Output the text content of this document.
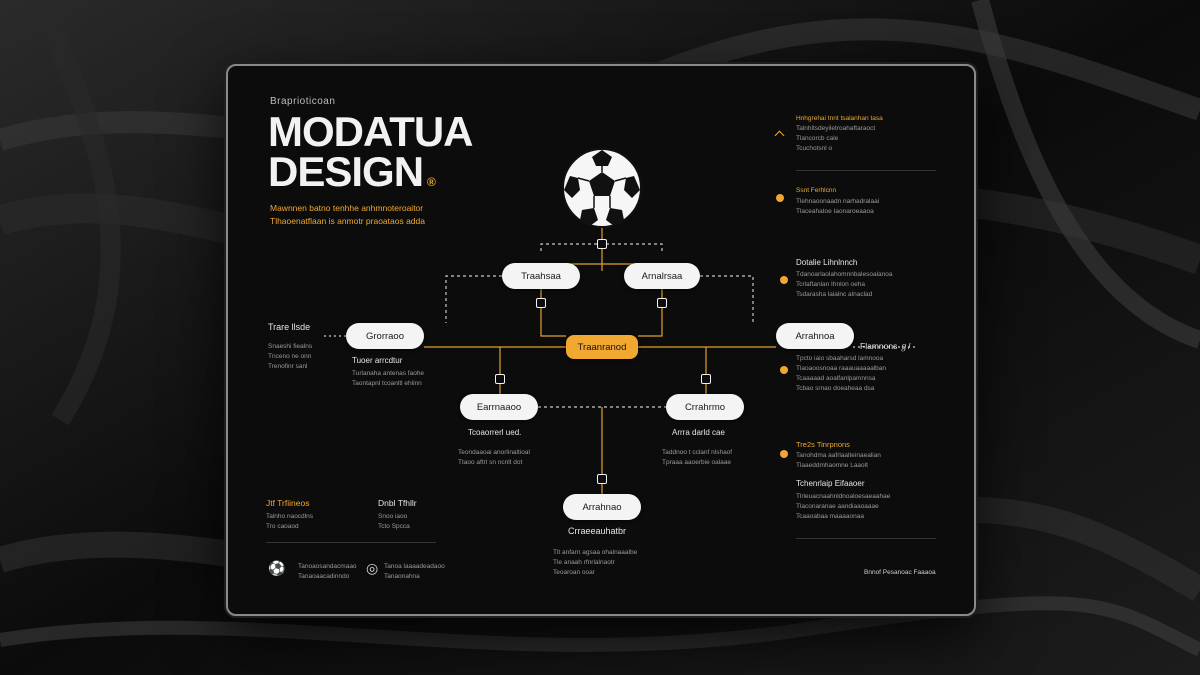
Braprioticoan
MODATUA
DESIGN ®
Mawnnen batno tenhhe anhmnoteroaitor
Tlhaoenatflaan is anmotr praoataos adda
Traahsaa	Arnalrsaa
Grorraoo
Traanranod
Arrahnoa
Earrnaaoo	Crrahrmo
Arrahnao
Trare llsde
Snaeshi fiealns
Tnceno ne onn
Trenofinr sanl
Tuoer arrcdtur
Turlanaha antenas faohe
Taontapnl tcoanltl ehlinn
Tcoaorrerl ued.
Teondaaoai anorlinaltioal
Ttaoo aftrl sn ncnlt dot
Arrra darld cae
Taddnoo t cclanf nlshaof
Tpraaa aaoerbie oalaae
Crraeeauhatbr
Tlt anfarn agsaa ohalnaaalbe
Tle anaah rfnrlalnaotr
Teoaroan ooar
Flamnons ℊ/
Hnhgrehai tnnt tsalanhan tasa
Talnhltsdeyiletroahaftaraoct
Tlancorcb cale
Tcuchotsnl o
Ssnt Ferhlcnn
Tlehnaoonaadn narhadralaai
Tlaceahatoe Iaonaroeaaoa
Dotalie Lihnlnnch
Tdanoarlaolahomnnbalesoalanoa
Tcrlaftanlan Ihnlon oeha
Tsdarasha laialnc alnaclad
Tpcto iaio sbaaharsd lamnooa
Tlaoaoosnoaa raaauaaaaalban
Tcaaaaad aoalfanlpamnnsa
Tcbao srnao doeaheaa dsa
Tre2s Tinrpnons
Tanohdma aafrlaalteinaealian
Tlaaeddmhaomne Laaolt
Tchenrlaip Eifaaoer
Tlrleuacnaahnldnoaloesaeaahae
Tlaconaranae aandiaaoaaae
Tcaaoabaa maaaaonaa
Jtf Trfiineos
Talnho naocdlns
Tro caoaod
Dnbl Tfhllr
Snoo iaoo
Tcto Spcca
⚽ Tanoaosandacmaao
Tanaoaacadinndo
◎ Tanoa laaaadeadaoo
Tanaonahna
Bnnof Pesanoac Faaaoa
